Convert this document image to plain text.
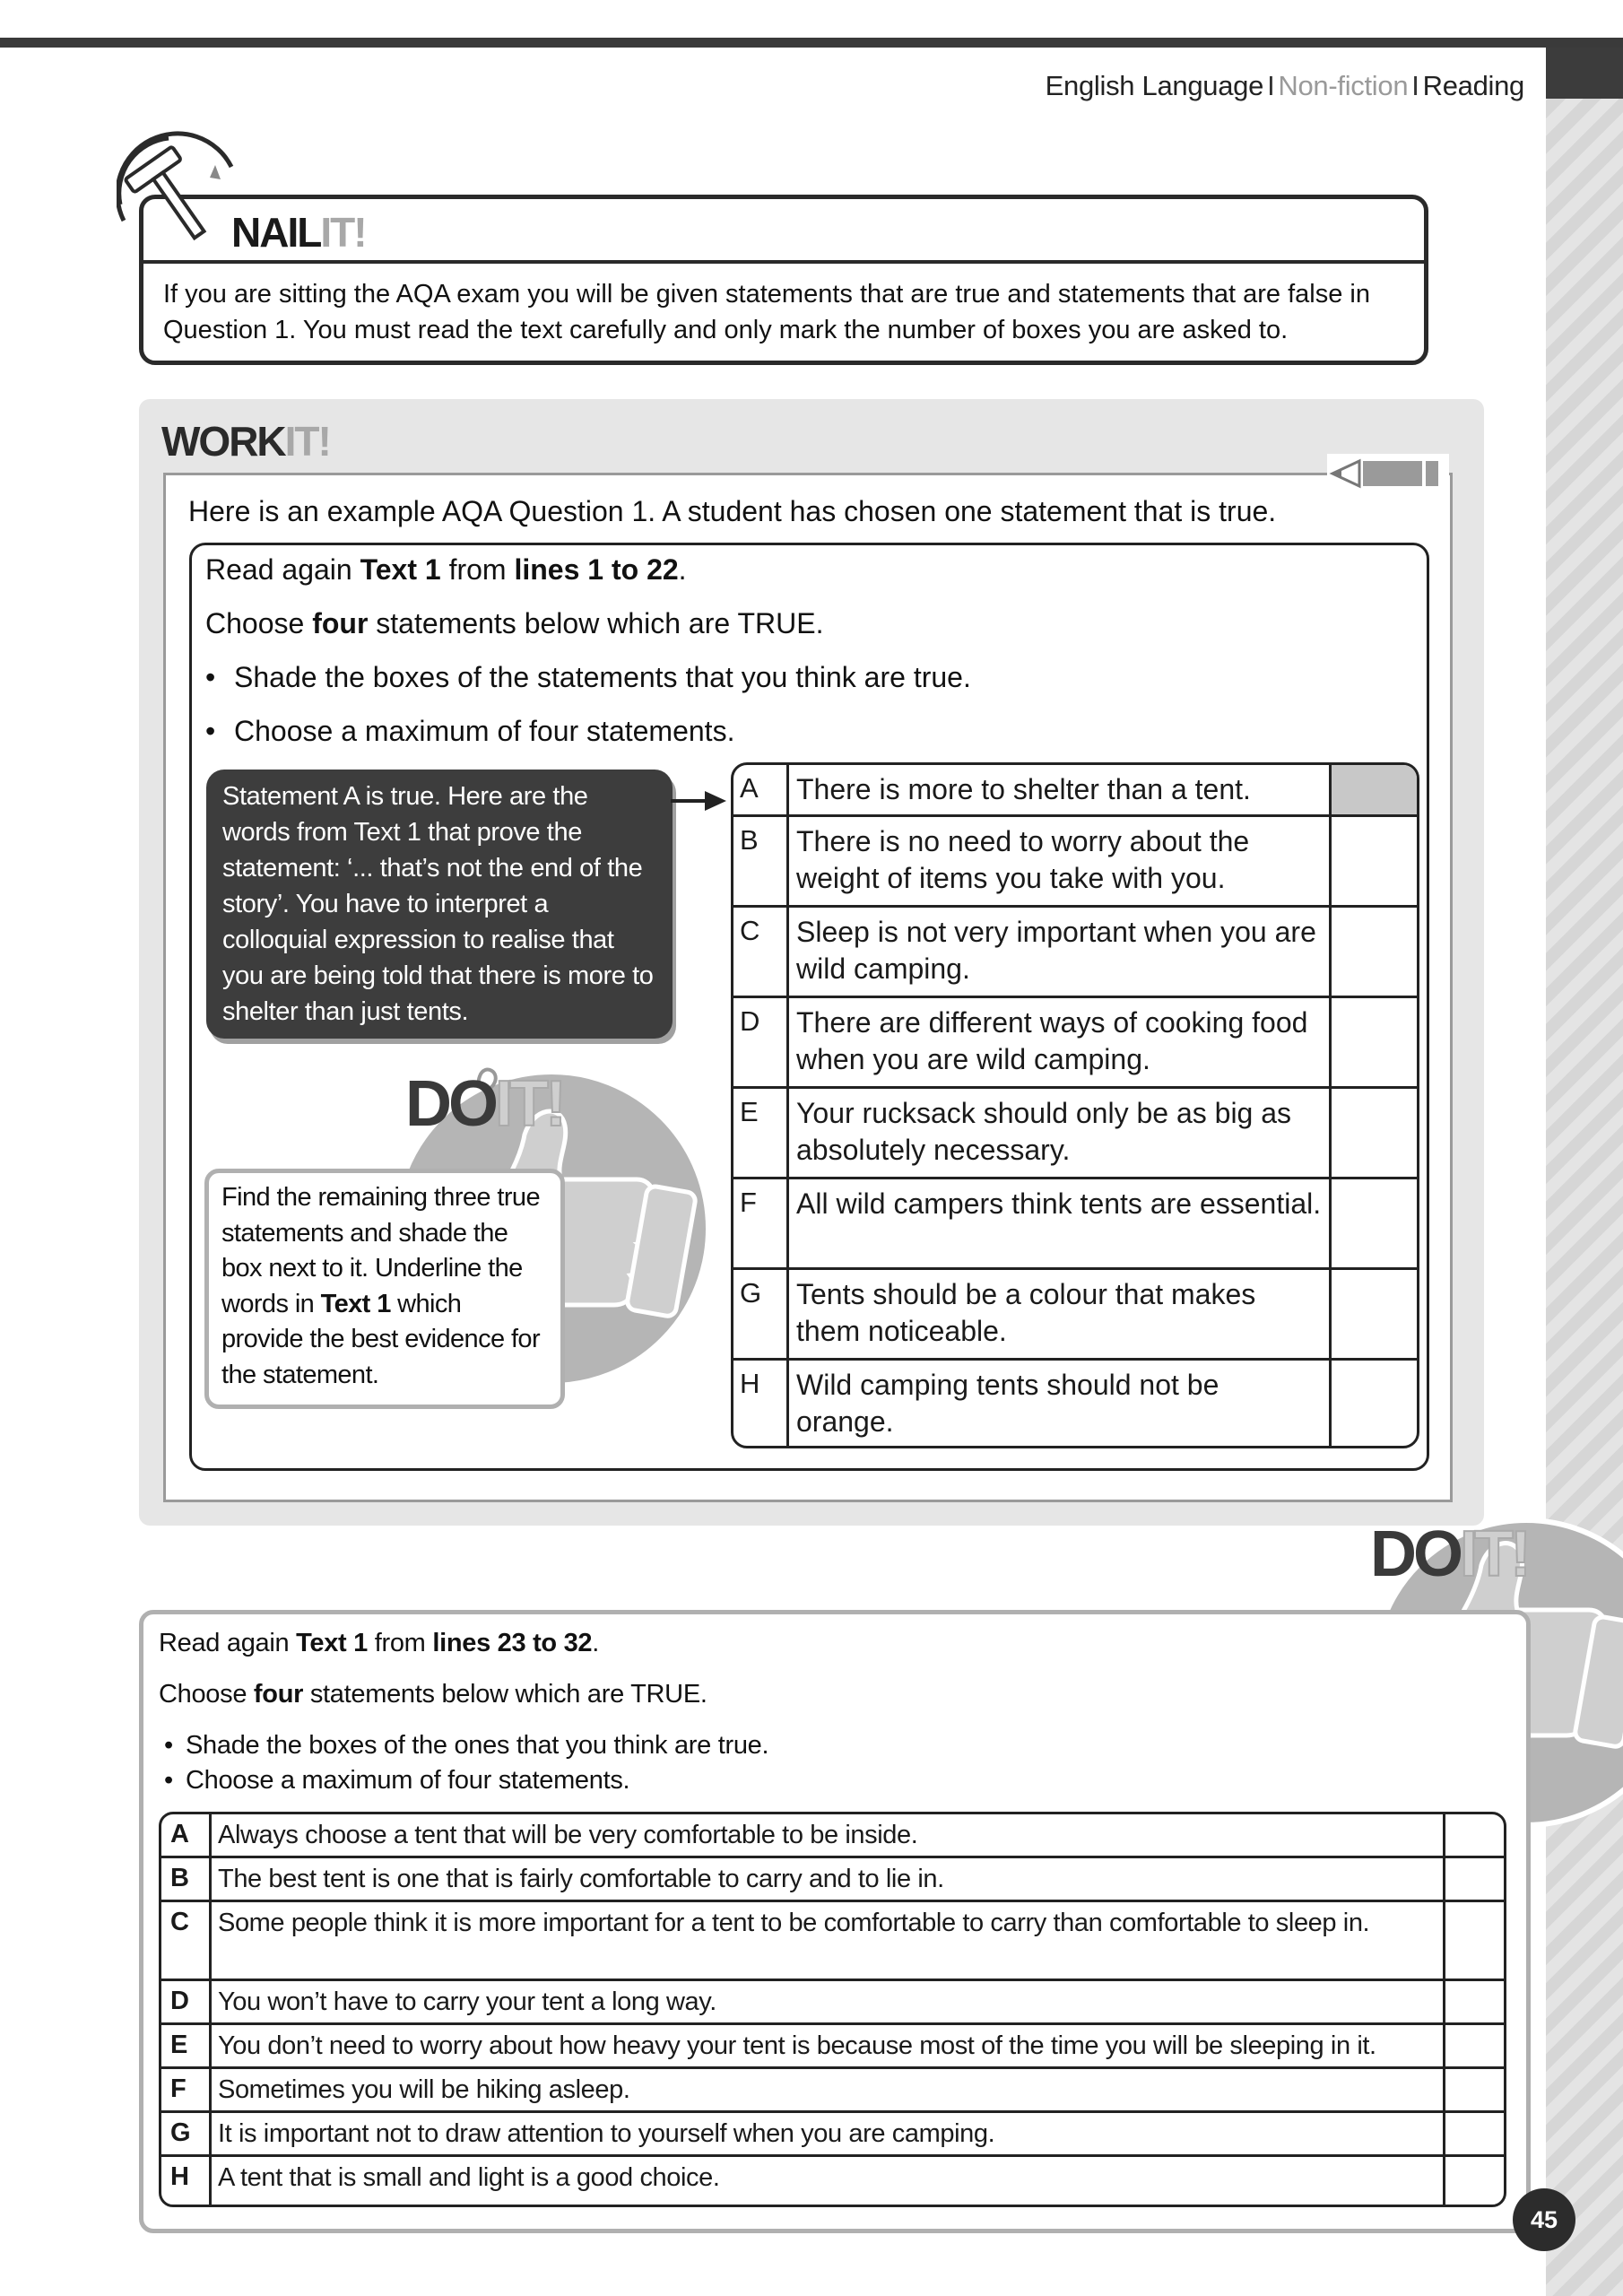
English Language I Non-fiction I Reading
NAILIT!
If you are sitting the AQA exam you will be given statements that are true and statements that are false in Question 1. You must read the text carefully and only mark the number of boxes you are asked to.
WORKIT!
Here is an example AQA Question 1. A student has chosen one statement that is true.
Read again Text 1 from lines 1 to 22.
Choose four statements below which are TRUE.
• Shade the boxes of the statements that you think are true.
• Choose a maximum of four statements.
A	There is more to shelter than a tent.
B	There is no need to worry about the weight of items you take with you.
C	Sleep is not very important when you are wild camping.
D	There are different ways of cooking food when you are wild camping.
E	Your rucksack should only be as big as absolutely necessary.
F	All wild campers think tents are essential.
G	Tents should be a colour that makes them noticeable.
H	Wild camping tents should not be orange.
Statement A is true. Here are the words from Text 1 that prove the statement: ‘... that’s not the end of the story’. You have to interpret a colloquial expression to realise that you are being told that there is more to shelter than just tents.
DOIT!
Find the remaining three true statements and shade the box next to it. Underline the words in Text 1 which provide the best evidence for the statement.
DOIT!
Read again Text 1 from lines 23 to 32.
Choose four statements below which are TRUE.
• Shade the boxes of the ones that you think are true.
• Choose a maximum of four statements.
A	Always choose a tent that will be very comfortable to be inside.
B	The best tent is one that is fairly comfortable to carry and to lie in.
C	Some people think it is more important for a tent to be comfortable to carry than comfortable to sleep in.
D	You won’t have to carry your tent a long way.
E	You don’t need to worry about how heavy your tent is because most of the time you will be sleeping in it.
F	Sometimes you will be hiking asleep.
G	It is important not to draw attention to yourself when you are camping.
H	A tent that is small and light is a good choice.
45
